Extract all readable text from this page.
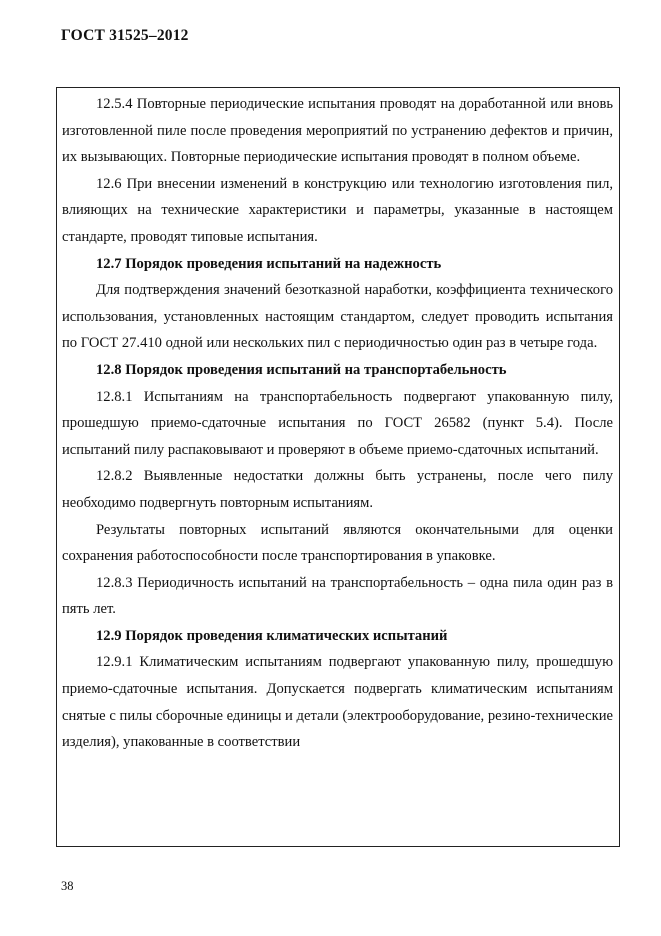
ГОСТ 31525–2012

12.5.4 Повторные периодические испытания проводят на доработанной или вновь изготовленной пиле после проведения мероприятий по устранению дефектов и причин, их вызывающих. Повторные периодические испытания проводят в полном объеме.

12.6 При внесении изменений в конструкцию или технологию изготовления пил, влияющих на технические характеристики и параметры, указанные в настоящем стандарте, проводят типовые испытания.

12.7 Порядок проведения испытаний на надежность

Для подтверждения значений безотказной наработки, коэффициента технического использования, установленных настоящим стандартом, следует проводить испытания по ГОСТ 27.410 одной или нескольких пил с периодичностью один раз в четыре года.

12.8 Порядок проведения испытаний на транспортабельность

12.8.1 Испытаниям на транспортабельность подвергают упакованную пилу, прошедшую приемо-сдаточные испытания по ГОСТ 26582 (пункт 5.4). После испытаний пилу распаковывают и проверяют в объеме приемо-сдаточных испытаний.

12.8.2 Выявленные недостатки должны быть устранены, после чего пилу необходимо подвергнуть повторным испытаниям.

Результаты повторных испытаний являются окончательными для оценки сохранения работоспособности после транспортирования в упаковке.

12.8.3 Периодичность испытаний на транспортабельность – одна пила один раз в пять лет.

12.9 Порядок проведения климатических испытаний

12.9.1 Климатическим испытаниям подвергают упакованную пилу, прошедшую приемо-сдаточные испытания. Допускается подвергать климатическим испытаниям снятые с пилы сборочные единицы и детали (электрооборудование, резино-технические изделия), упакованные в соответствии

38
